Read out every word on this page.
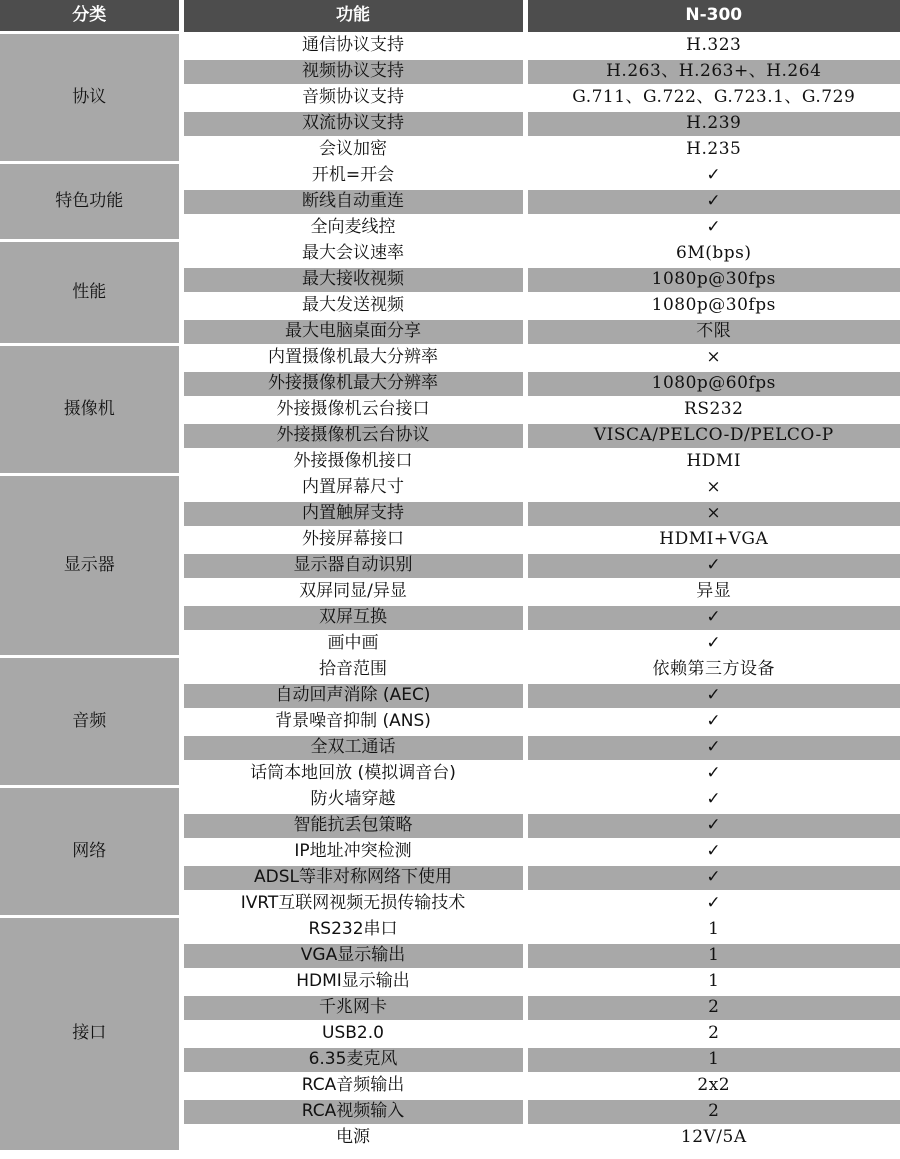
分类	功能	N-300
协议	通信协议支持	H.323
	视频协议支持	H.263、H.263+、H.264
	音频协议支持	G.711、G.722、G.723.1、G.729
	双流协议支持	H.239
	会议加密	H.235
特色功能	开机=开会	✓
	断线自动重连	✓
	全向麦线控	✓
性能	最大会议速率	6M(bps)
	最大接收视频	1080p@30fps
	最大发送视频	1080p@30fps
	最大电脑桌面分享	不限
摄像机	内置摄像机最大分辨率	×
	外接摄像机最大分辨率	1080p@60fps
	外接摄像机云台接口	RS232
	外接摄像机云台协议	VISCA/PELCO-D/PELCO-P
	外接摄像机接口	HDMI
显示器	内置屏幕尺寸	×
	内置触屏支持	×
	外接屏幕接口	HDMI+VGA
	显示器自动识别	✓
	双屏同显/异显	异显
	双屏互换	✓
	画中画	✓
音频	拾音范围	依赖第三方设备
	自动回声消除 (AEC)	✓
	背景噪音抑制 (ANS)	✓
	全双工通话	✓
	话筒本地回放 (模拟调音台)	✓
网络	防火墙穿越	✓
	智能抗丢包策略	✓
	IP地址冲突检测	✓
	ADSL等非对称网络下使用	✓
	IVRT互联网视频无损传输技术	✓
接口	RS232串口	1
	VGA显示输出	1
	HDMI显示输出	1
	千兆网卡	2
	USB2.0	2
	6.35麦克风	1
	RCA音频输出	2x2
	RCA视频输入	2
	电源	12V/5A
